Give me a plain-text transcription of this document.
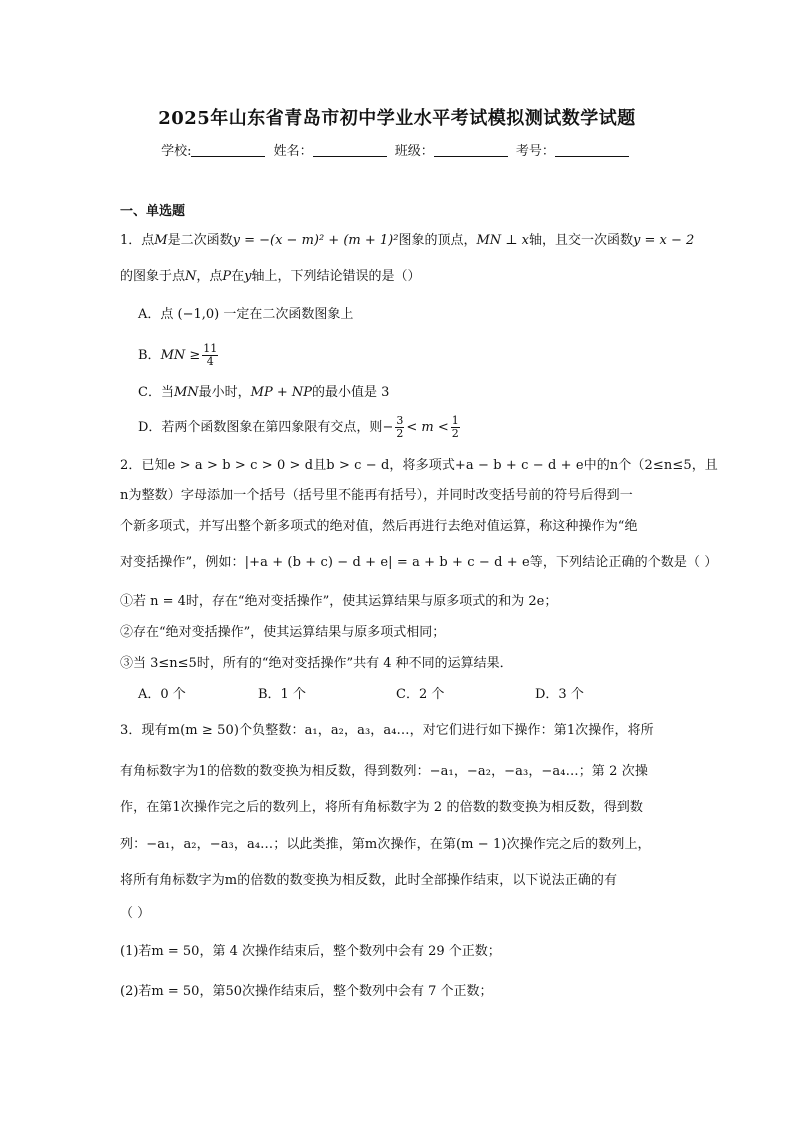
2025年山东省青岛市初中学业水平考试模拟测试数学试题
学校:	姓名：	班级：	考号：
一、单选题
1．点M是二次函数y = −(x − m)² + (m + 1)²图象的顶点，MN ⊥ x轴，且交一次函数y = x − 2
的图象于点N，点P在y轴上，下列结论错误的是（）
A．点 (−1,0) 一定在二次函数图象上
B．MN ≥ $\frac{11}{4}$
C．当MN最小时，MP + NP的最小值是 3
D．若两个函数图象在第四象限有交点，则− $\frac{3}{2} < m < \frac{1}{2}$
2．已知e > a > b > c > 0 > d且b > c − d，将多项式+a − b + c − d + e中的n个（2≤n≤5，且
n为整数）字母添加一个括号（括号里不能再有括号），并同时改变括号前的符号后得到一
个新多项式，并写出整个新多项式的绝对值，然后再进行去绝对值运算，称这种操作为“绝
对变括操作”，例如：|+a + (b + c) − d + e| = a + b + c − d + e等，下列结论正确的个数是（ ）
①若 n = 4时，存在“绝对变括操作”，使其运算结果与原多项式的和为 2e；
②存在“绝对变括操作”，使其运算结果与原多项式相同；
③当 3≤n≤5时，所有的“绝对变括操作”共有 4 种不同的运算结果．
A．0 个	B．1 个	C．2 个	D．3 个
3．现有m(m ≥ 50)个负整数：a₁，a₂，a₃，a₄…，对它们进行如下操作：第1次操作，将所
有角标数字为1的倍数的数变换为相反数，得到数列：−a₁，−a₂，−a₃，−a₄…；第 2 次操
作，在第1次操作完之后的数列上，将所有角标数字为 2 的倍数的数变换为相反数，得到数
列：−a₁，a₂，−a₃，a₄…；以此类推，第m次操作，在第(m − 1)次操作完之后的数列上，
将所有角标数字为m的倍数的数变换为相反数，此时全部操作结束，以下说法正确的有
（ ）
(1)若m = 50，第 4 次操作结束后，整个数列中会有 29 个正数；
(2)若m = 50，第50次操作结束后，整个数列中会有 7 个正数；
